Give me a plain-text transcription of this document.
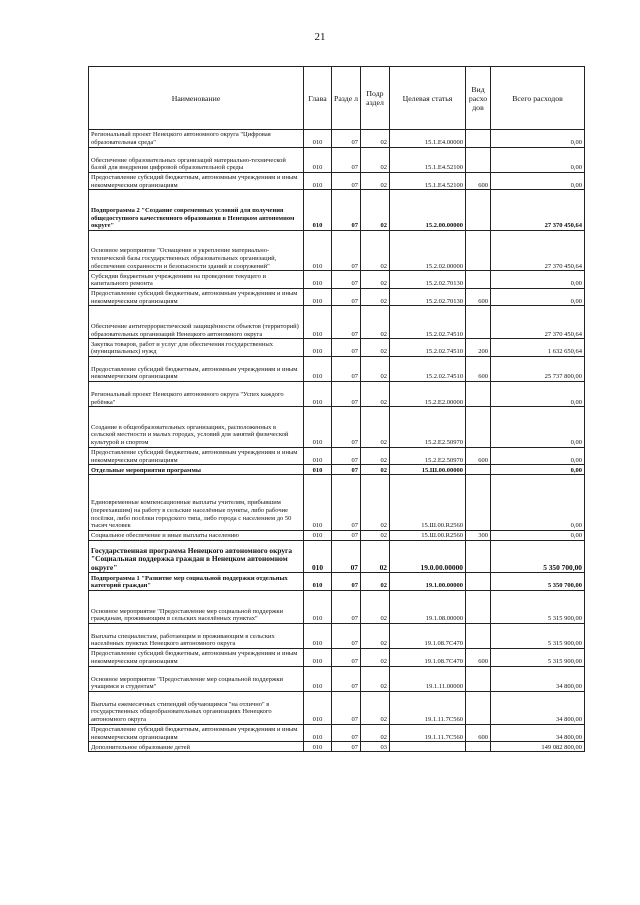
21
Наименование	Глава	Разде л	Подр аздел	Целевая статья	Вид расхо дов	Всего расходов
Региональный проект Ненецкого автономного округа "Цифровая образовательная среда"	010	07	02	15.1.E4.00000		0,00
Обеспечение образовательных организаций материально-технической базой для внедрения цифровой образовательной среды	010	07	02	15.1.E4.52100		0,00
Предоставление субсидий бюджетным, автономным учреждениям и иным некоммерческим организациям	010	07	02	15.1.E4.52100	600	0,00
Подпрограмма 2 "Создание современных условий для получения общедоступного качественного образования в Ненецком автономном округе"	010	07	02	15.2.00.00000		27 370 450,64
Основное мероприятие "Оснащение и укрепление материально-технической базы государственных образовательных организаций, обеспечение сохранности и безопасности зданий и сооружений"	010	07	02	15.2.02.00000		27 370 450,64
Субсидии бюджетным учреждениям на проведение текущего и капитального ремонта	010	07	02	15.2.02.70130		0,00
Предоставление субсидий бюджетным, автономным учреждениям и иным некоммерческим организациям	010	07	02	15.2.02.70130	600	0,00
Обеспечение антитеррористической защищённости объектов (территорий) образовательных организаций Ненецкого автономного округа	010	07	02	15.2.02.74510		27 370 450,64
Закупка товаров, работ и услуг для обеспечения государственных (муниципальных) нужд	010	07	02	15.2.02.74510	200	1 632 650,64
Предоставление субсидий бюджетным, автономным учреждениям и иным некоммерческим организациям	010	07	02	15.2.02.74510	600	25 737 800,00
Региональный проект Ненецкого автономного округа "Успех каждого ребёнка"	010	07	02	15.2.E2.00000		0,00
Создание в общеобразовательных организациях, расположенных в сельской местности и малых городах, условий для занятий физической культурой и спортом	010	07	02	15.2.E2.50970		0,00
Предоставление субсидий бюджетным, автономным учреждениям и иным некоммерческим организациям	010	07	02	15.2.E2.50970	600	0,00
Отдельные мероприятия программы	010	07	02	15.Ш.00.00000		0,00
Единовременные компенсационные выплаты учителям, прибывшим (переехавшим) на работу в сельские населённые пункты, либо рабочие посёлки, либо посёлки городского типа, либо города с населением до 50 тысяч человек	010	07	02	15.Ш.00.R2560		0,00
Социальное обеспечение и иные выплаты населению	010	07	02	15.Ш.00.R2560	300	0,00
Государственная программа Ненецкого автономного округа "Социальная поддержка граждан в Ненецком автономном округе"	010	07	02	19.0.00.00000		5 350 700,00
Подпрограмма 1 "Развитие мер социальной поддержки отдельных категорий граждан"	010	07	02	19.1.00.00000		5 350 700,00
Основное мероприятие "Предоставление мер социальной поддержки гражданам, проживающим в сельских населённых пунктах"	010	07	02	19.1.08.00000		5 315 900,00
Выплаты специалистам, работающим и проживающим в сельских населённых пунктах Ненецкого автономного округа	010	07	02	19.1.08.7C470		5 315 900,00
Предоставление субсидий бюджетным, автономным учреждениям и иным некоммерческим организациям	010	07	02	19.1.08.7C470	600	5 315 900,00
Основное мероприятие "Предоставление мер социальной поддержки учащимся и студентам"	010	07	02	19.1.11.00000		34 800,00
Выплаты ежемесячных стипендий обучающимся "на отлично" в государственных общеобразовательных организациях Ненецкого автономного округа	010	07	02	19.1.11.7C560		34 800,00
Предоставление субсидий бюджетным, автономным учреждениям и иным некоммерческим организациям	010	07	02	19.1.11.7C560	600	34 800,00
Дополнительное образование детей	010	07	03			149 082 800,00
